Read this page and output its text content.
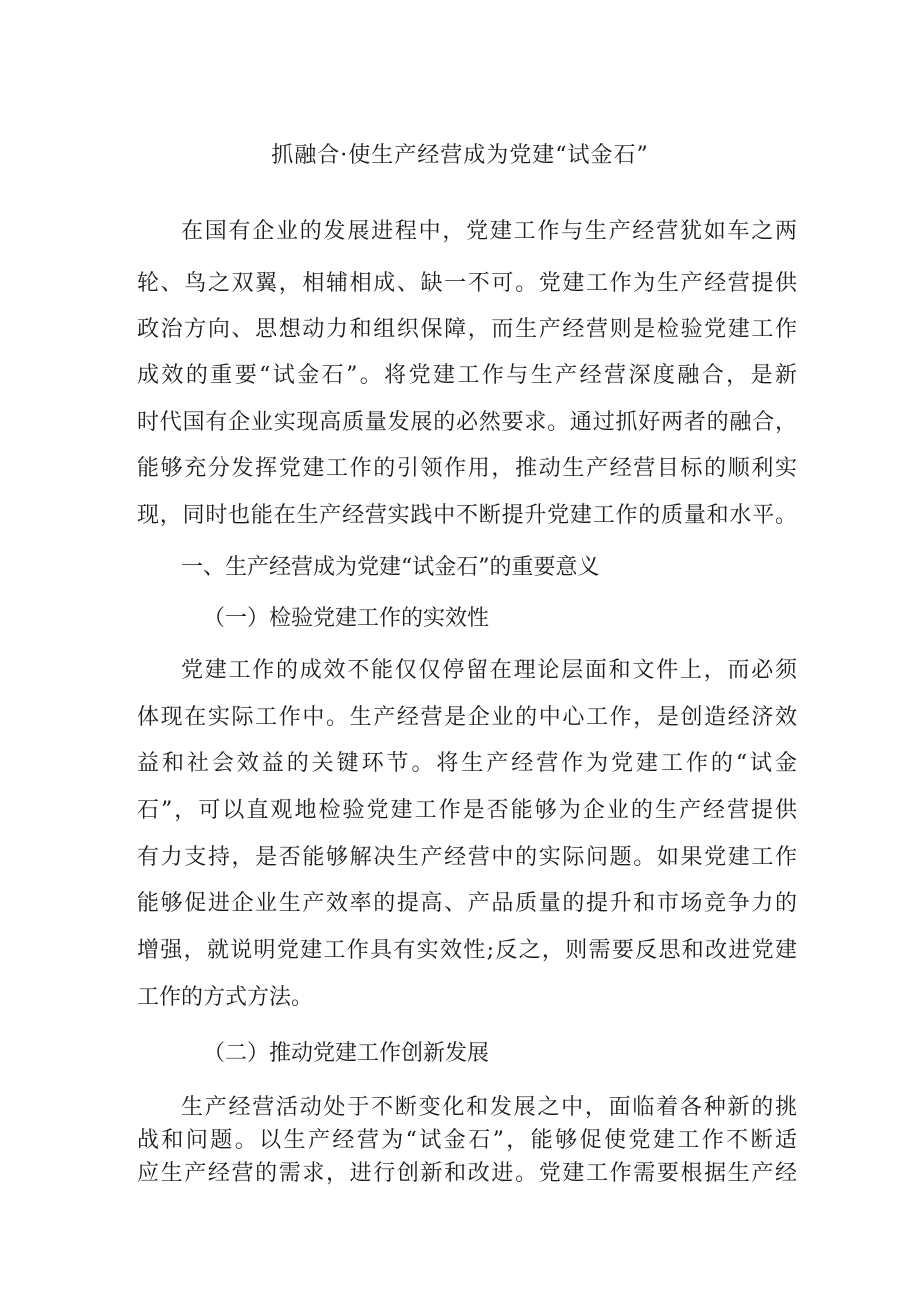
抓融合·使生产经营成为党建“试金石”

在国有企业的发展进程中，党建工作与生产经营犹如车之两

轮、鸟之双翼，相辅相成、缺一不可。党建工作为生产经营提供

政治方向、思想动力和组织保障，而生产经营则是检验党建工作

成效的重要“试金石”。将党建工作与生产经营深度融合，是新

时代国有企业实现高质量发展的必然要求。通过抓好两者的融合，

能够充分发挥党建工作的引领作用，推动生产经营目标的顺利实

现，同时也能在生产经营实践中不断提升党建工作的质量和水平。

一、生产经营成为党建“试金石”的重要意义

（一）检验党建工作的实效性

党建工作的成效不能仅仅停留在理论层面和文件上，而必须

体现在实际工作中。生产经营是企业的中心工作，是创造经济效

益和社会效益的关键环节。将生产经营作为党建工作的“试金

石”，可以直观地检验党建工作是否能够为企业的生产经营提供

有力支持，是否能够解决生产经营中的实际问题。如果党建工作

能够促进企业生产效率的提高、产品质量的提升和市场竞争力的

增强，就说明党建工作具有实效性;反之，则需要反思和改进党建

工作的方式方法。

（二）推动党建工作创新发展

生产经营活动处于不断变化和发展之中，面临着各种新的挑

战和问题。以生产经营为“试金石”，能够促使党建工作不断适

应生产经营的需求，进行创新和改进。党建工作需要根据生产经
